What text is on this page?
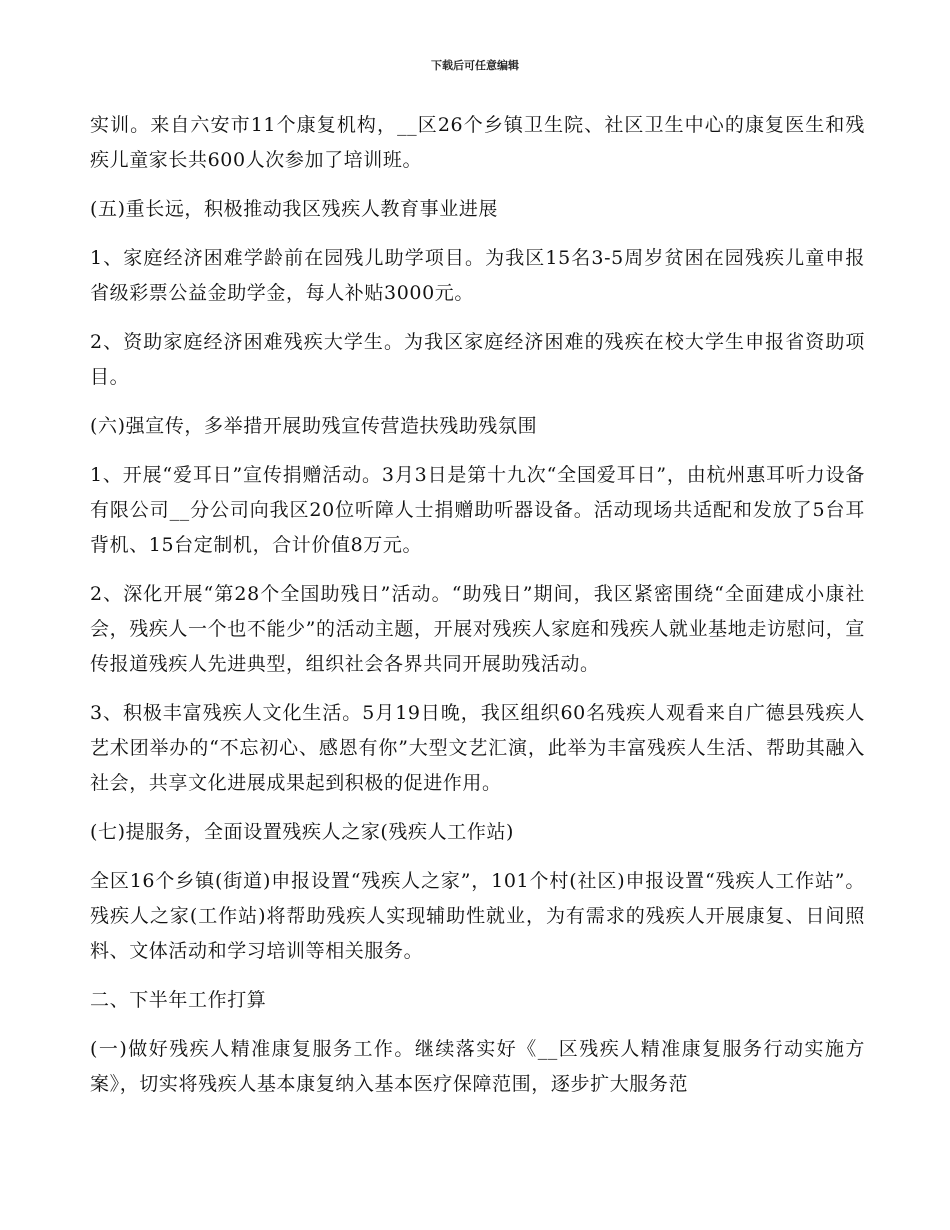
下载后可任意编辑

实训。来自六安市11个康复机构，__区26个乡镇卫生院、社区卫生中心的康复医生和残疾儿童家长共600人次参加了培训班。

(五)重长远，积极推动我区残疾人教育事业进展

1、家庭经济困难学龄前在园残儿助学项目。为我区15名3-5周岁贫困在园残疾儿童申报省级彩票公益金助学金，每人补贴3000元。

2、资助家庭经济困难残疾大学生。为我区家庭经济困难的残疾在校大学生申报省资助项目。

(六)强宣传，多举措开展助残宣传营造扶残助残氛围

1、开展“爱耳日”宣传捐赠活动。3月3日是第十九次“全国爱耳日”，由杭州惠耳听力设备有限公司__分公司向我区20位听障人士捐赠助听器设备。活动现场共适配和发放了5台耳背机、15台定制机，合计价值8万元。

2、深化开展“第28个全国助残日”活动。“助残日”期间，我区紧密围绕“全面建成小康社会，残疾人一个也不能少”的活动主题，开展对残疾人家庭和残疾人就业基地走访慰问，宣传报道残疾人先进典型，组织社会各界共同开展助残活动。

3、积极丰富残疾人文化生活。5月19日晚，我区组织60名残疾人观看来自广德县残疾人艺术团举办的“不忘初心、感恩有你”大型文艺汇演，此举为丰富残疾人生活、帮助其融入社会，共享文化进展成果起到积极的促进作用。

(七)提服务，全面设置残疾人之家(残疾人工作站)

全区16个乡镇(街道)申报设置“残疾人之家”，101个村(社区)申报设置“残疾人工作站”。残疾人之家(工作站)将帮助残疾人实现辅助性就业，为有需求的残疾人开展康复、日间照料、文体活动和学习培训等相关服务。

二、下半年工作打算

(一)做好残疾人精准康复服务工作。继续落实好《__区残疾人精准康复服务行动实施方案》，切实将残疾人基本康复纳入基本医疗保障范围，逐步扩大服务范
